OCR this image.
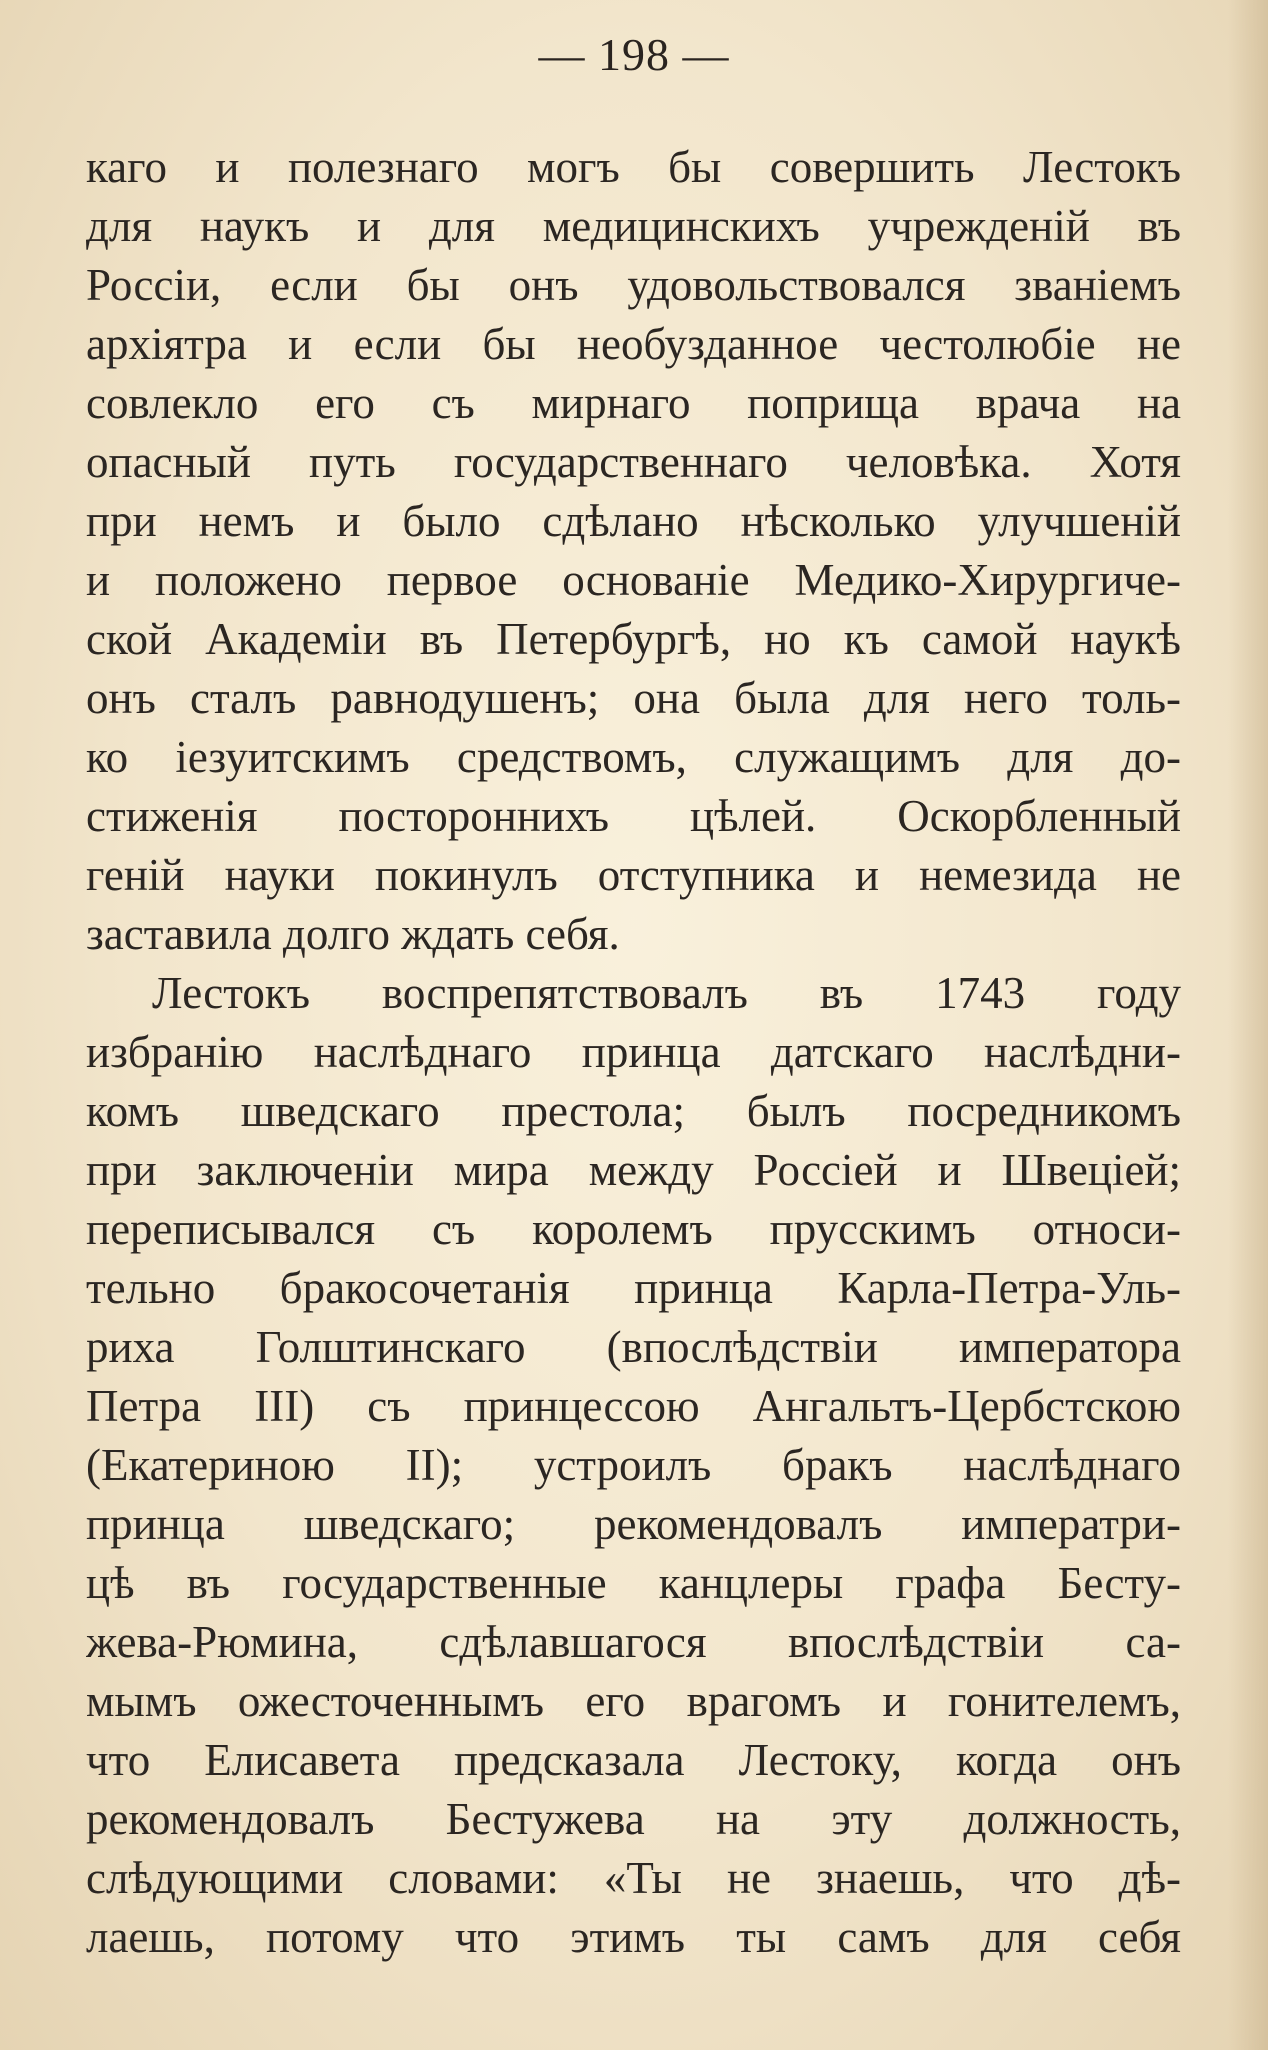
— 198 —
каго и полезнаго могъ бы совершить Лестокъ
для наукъ и для медицинскихъ учрежденій въ
Россіи, если бы онъ удовольствовался званіемъ
архіятра и если бы необузданное честолюбіе не
совлекло его съ мирнаго поприща врача на
опасный путь государственнаго человѣка. Хотя
при немъ и было сдѣлано нѣсколько улучшеній
и положено первое основаніе Медико-Хирургиче-
ской Академіи въ Петербургѣ, но къ самой наукѣ
онъ сталъ равнодушенъ; она была для него толь-
ко іезуитскимъ средствомъ, служащимъ для до-
стиженія постороннихъ цѣлей. Оскорбленный
геній науки покинулъ отступника и немезида не
заставила долго ждать себя.
Лестокъ воспрепятствовалъ въ 1743 году
избранію наслѣднаго принца датскаго наслѣдни-
комъ шведскаго престола; былъ посредникомъ
при заключеніи мира между Россіей и Швеціей;
переписывался съ королемъ прусскимъ относи-
тельно бракосочетанія принца Карла-Петра-Уль-
риха Голштинскаго (впослѣдствіи императора
Петра III) съ принцессою Ангальтъ-Цербстскою
(Екатериною II); устроилъ бракъ наслѣднаго
принца шведскаго; рекомендовалъ императри-
цѣ въ государственные канцлеры графа Бесту-
жева-Рюмина, сдѣлавшагося впослѣдствіи са-
мымъ ожесточеннымъ его врагомъ и гонителемъ,
что Елисавета предсказала Лестоку, когда онъ
рекомендовалъ Бестужева на эту должность,
слѣдующими словами: «Ты не знаешь, что дѣ-
лаешь, потому что этимъ ты самъ для себя
